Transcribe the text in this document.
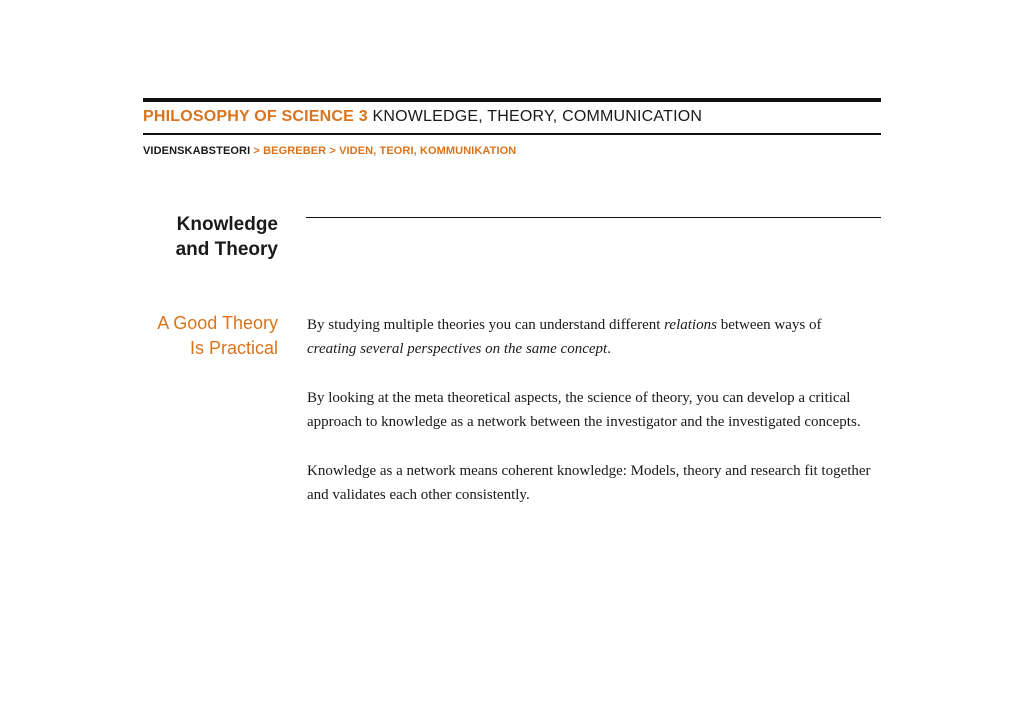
PHILOSOPHY OF SCIENCE 3 KNOWLEDGE, THEORY, COMMUNICATION
VIDENSKABSTEORI > BEGREBER > VIDEN, TEORI, KOMMUNIKATION
Knowledge
and Theory
A Good Theory
Is Practical

By studying multiple theories you can understand different relations between ways of creating several perspectives on the same concept.

By looking at the meta theoretical aspects, the science of theory, you can develop a critical approach to knowledge as a network between the investigator and the investigated concepts.

Knowledge as a network means coherent knowledge: Models, theory and research fit together and validates each other consistently.
